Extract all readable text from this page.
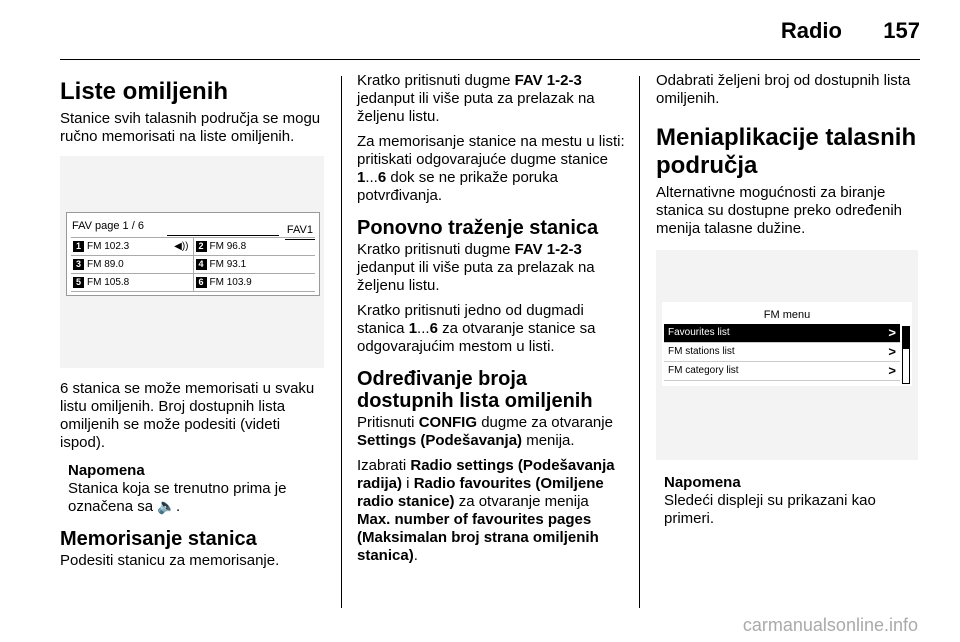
Radio 157
Liste omiljenih

Stanice svih talasnih područja se mogu ručno memorisati na liste omiljenih.

FAV page 1 / 6	FAV1
1 FM 102.3	◀))	2 FM 96.8
3 FM 89.0	4 FM 93.1
5 FM 105.8	6 FM 103.9

6 stanica se može memorisati u svaku listu omiljenih. Broj dostupnih lista omiljenih se može podesiti (videti ispod).

Napomena
Stanica koja se trenutno prima je označena sa 🔈.
Memorisanje stanica

Podesiti stanicu za memorisanje.

Kratko pritisnuti dugme FAV 1-2-3 jedanput ili više puta za prelazak na željenu listu.

Za memorisanje stanice na mestu u listi: pritiskati odgovarajuće dugme stanice 1...6 dok se ne prikaže poruka potvrđivanja.

Ponovno traženje stanica

Kratko pritisnuti dugme FAV 1-2-3 jedanput ili više puta za prelazak na željenu listu.

Kratko pritisnuti jedno od dugmadi stanica 1...6 za otvaranje stanice sa odgovarajućim mestom u listi.

Određivanje broja dostupnih lista omiljenih

Pritisnuti CONFIG dugme za otvaranje Settings (Podešavanja) menija.

Izabrati Radio settings (Podešavanja radija) i Radio favourites (Omiljene radio stanice) za otvaranje menija Max. number of favourites pages (Maksimalan broj strana omiljenih stanica).

Odabrati željeni broj od dostupnih lista omiljenih.

Meniaplikacije talasnih područja

Alternativne mogućnosti za biranje stanica su dostupne preko određenih menija talasne dužine.

FM menu
Favourites list	>
FM stations list	>
FM category list	>
Napomena
Sledeći displeji su prikazani kao primeri.
carmanualsonline.info
